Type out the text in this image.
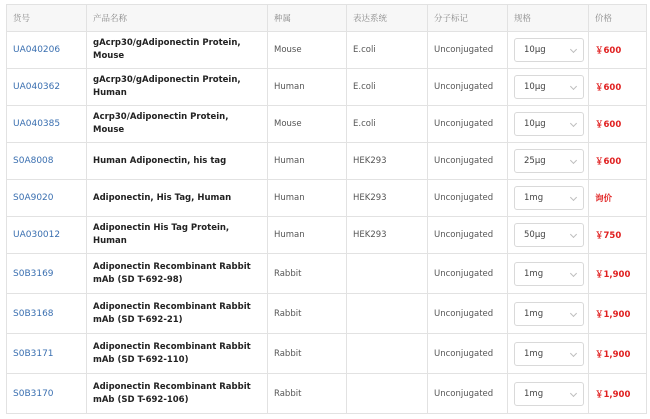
货号	产品名称	种属	表达系统	分子标记	规格	价格
UA040206	gAcrp30/gAdiponectin Protein, Mouse	Mouse	E.coli	Unconjugated	10μg	￥600
UA040362	gAcrp30/gAdiponectin Protein, Human	Human	E.coli	Unconjugated	10μg	￥600
UA040385	Acrp30/Adiponectin Protein, Mouse	Mouse	E.coli	Unconjugated	10μg	￥600
S0A8008	Human Adiponectin, his tag	Human	HEK293	Unconjugated	25μg	￥600
S0A9020	Adiponectin, His Tag, Human	Human	HEK293	Unconjugated	1mg	询价
UA030012	Adiponectin His Tag Protein, Human	Human	HEK293	Unconjugated	50μg	￥750
S0B3169	Adiponectin Recombinant Rabbit mAb (SD T-692-98)	Rabbit		Unconjugated	1mg	￥1,900
S0B3168	Adiponectin Recombinant Rabbit mAb (SD T-692-21)	Rabbit		Unconjugated	1mg	￥1,900
S0B3171	Adiponectin Recombinant Rabbit mAb (SD T-692-110)	Rabbit		Unconjugated	1mg	￥1,900
S0B3170	Adiponectin Recombinant Rabbit mAb (SD T-692-106)	Rabbit		Unconjugated	1mg	￥1,900
